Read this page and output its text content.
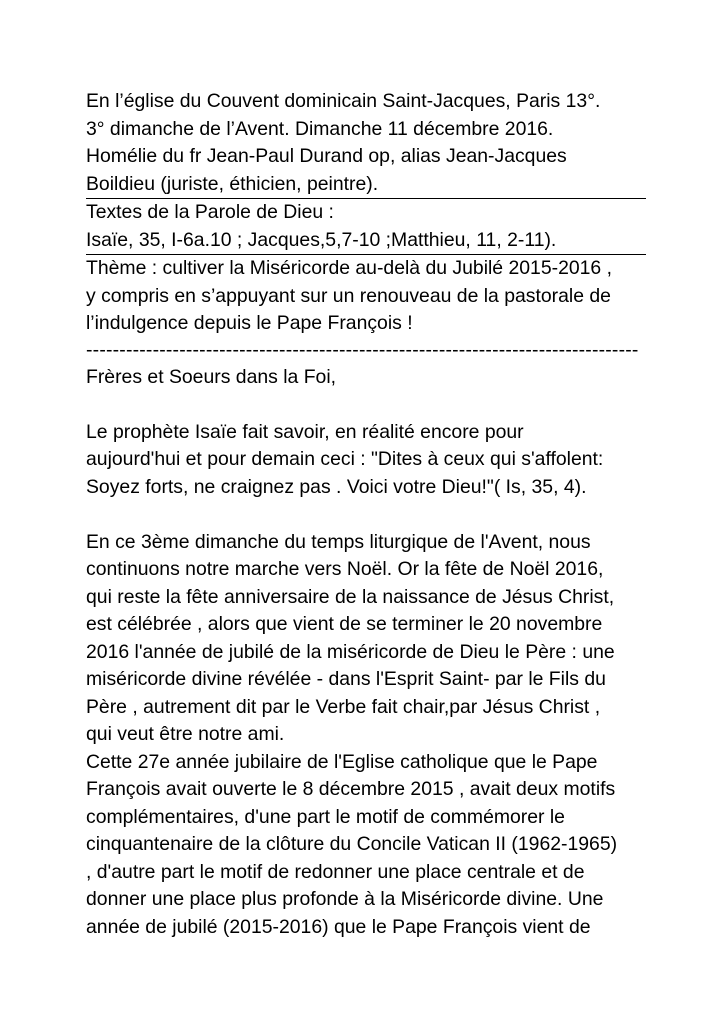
En l’église du Couvent dominicain Saint-Jacques, Paris 13°.
3° dimanche de l’Avent. Dimanche 11 décembre 2016.
Homélie du fr Jean-Paul Durand op, alias Jean-Jacques
Boildieu (juriste, éthicien, peintre).
Textes de la Parole de Dieu :
Isaïe, 35, I-6a.10 ; Jacques,5,7-10 ;Matthieu, 11, 2-11).
Thème : cultiver la Miséricorde au-delà du Jubilé 2015-2016 ,
y compris en s’appuyant sur un renouveau de la pastorale de
l’indulgence depuis le Pape François !
-----------------------------------------------------------------------------------
Frères et Soeurs dans la Foi,
Le prophète Isaïe fait savoir, en réalité encore pour
aujourd'hui et pour demain ceci : "Dites à ceux qui s'affolent:
Soyez forts, ne craignez pas . Voici votre Dieu!"( Is, 35, 4).
En ce 3ème dimanche du temps liturgique de l'Avent, nous
continuons notre marche vers Noël. Or la fête de Noël 2016,
qui reste la fête anniversaire de la naissance de Jésus Christ,
est célébrée , alors que vient de se terminer le 20 novembre
2016 l'année de jubilé de la miséricorde de Dieu le Père : une
miséricorde divine révélée - dans l'Esprit Saint- par le Fils du
Père , autrement dit par le Verbe fait chair,par Jésus Christ ,
qui veut être notre ami.
Cette 27e année jubilaire de l'Eglise catholique que le Pape
François avait ouverte le 8 décembre 2015 , avait deux motifs
complémentaires, d'une part le motif de commémorer le
cinquantenaire de la clôture du Concile Vatican II (1962-1965)
, d'autre part le motif de redonner une place centrale et de
donner une place plus profonde à la Miséricorde divine. Une
année de jubilé (2015-2016) que le Pape François vient de
